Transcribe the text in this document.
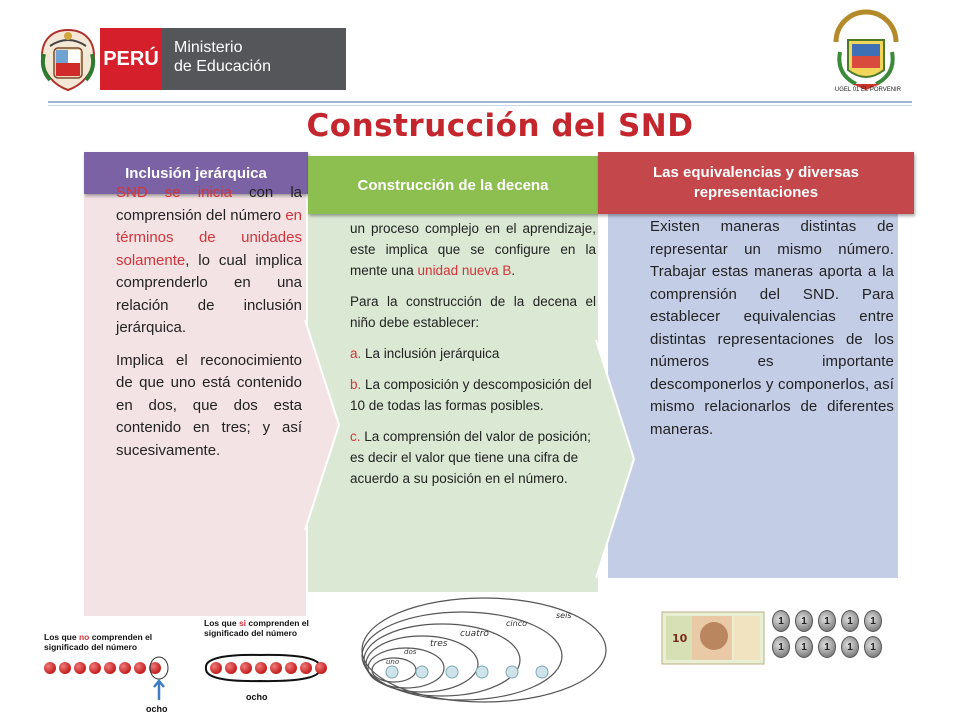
PERÚ Ministerio
de Educación
UGEL 01 EL PORVENIR
Construcción del SND
Inclusión jerárquica
Construcción de la decena
Las equivalencias y diversas representaciones

SND se inicia con la comprensión del número en términos de unidades solamente, lo cual implica comprenderlo en una relación de inclusión jerárquica.

Implica el reconocimiento de que uno está contenido en dos, que dos esta contenido en tres; y así sucesivamente.

un proceso complejo en el aprendizaje, este implica que se configure en la mente una unidad nueva B.

Para la construcción de la decena el niño debe establecer:

a. La inclusión jerárquica

b. La composición y descomposición del 10 de todas las formas posibles.

c. La comprensión del valor de posición; es decir el valor que tiene una cifra de acuerdo a su posición en el número.

Existen maneras distintas de representar un mismo número. Trabajar estas maneras aporta a la comprensión del SND. Para establecer equivalencias entre distintas representaciones de los números es importante descomponerlos y componerlos, así mismo relacionarlos de diferentes maneras.
Los que no comprenden el significado del número
ocho
Los que si comprenden el significado del número
ocho
uno
dos
tres
cuatro
cinco
seis
10
1	1	1	1	1
1	1	1	1	1
